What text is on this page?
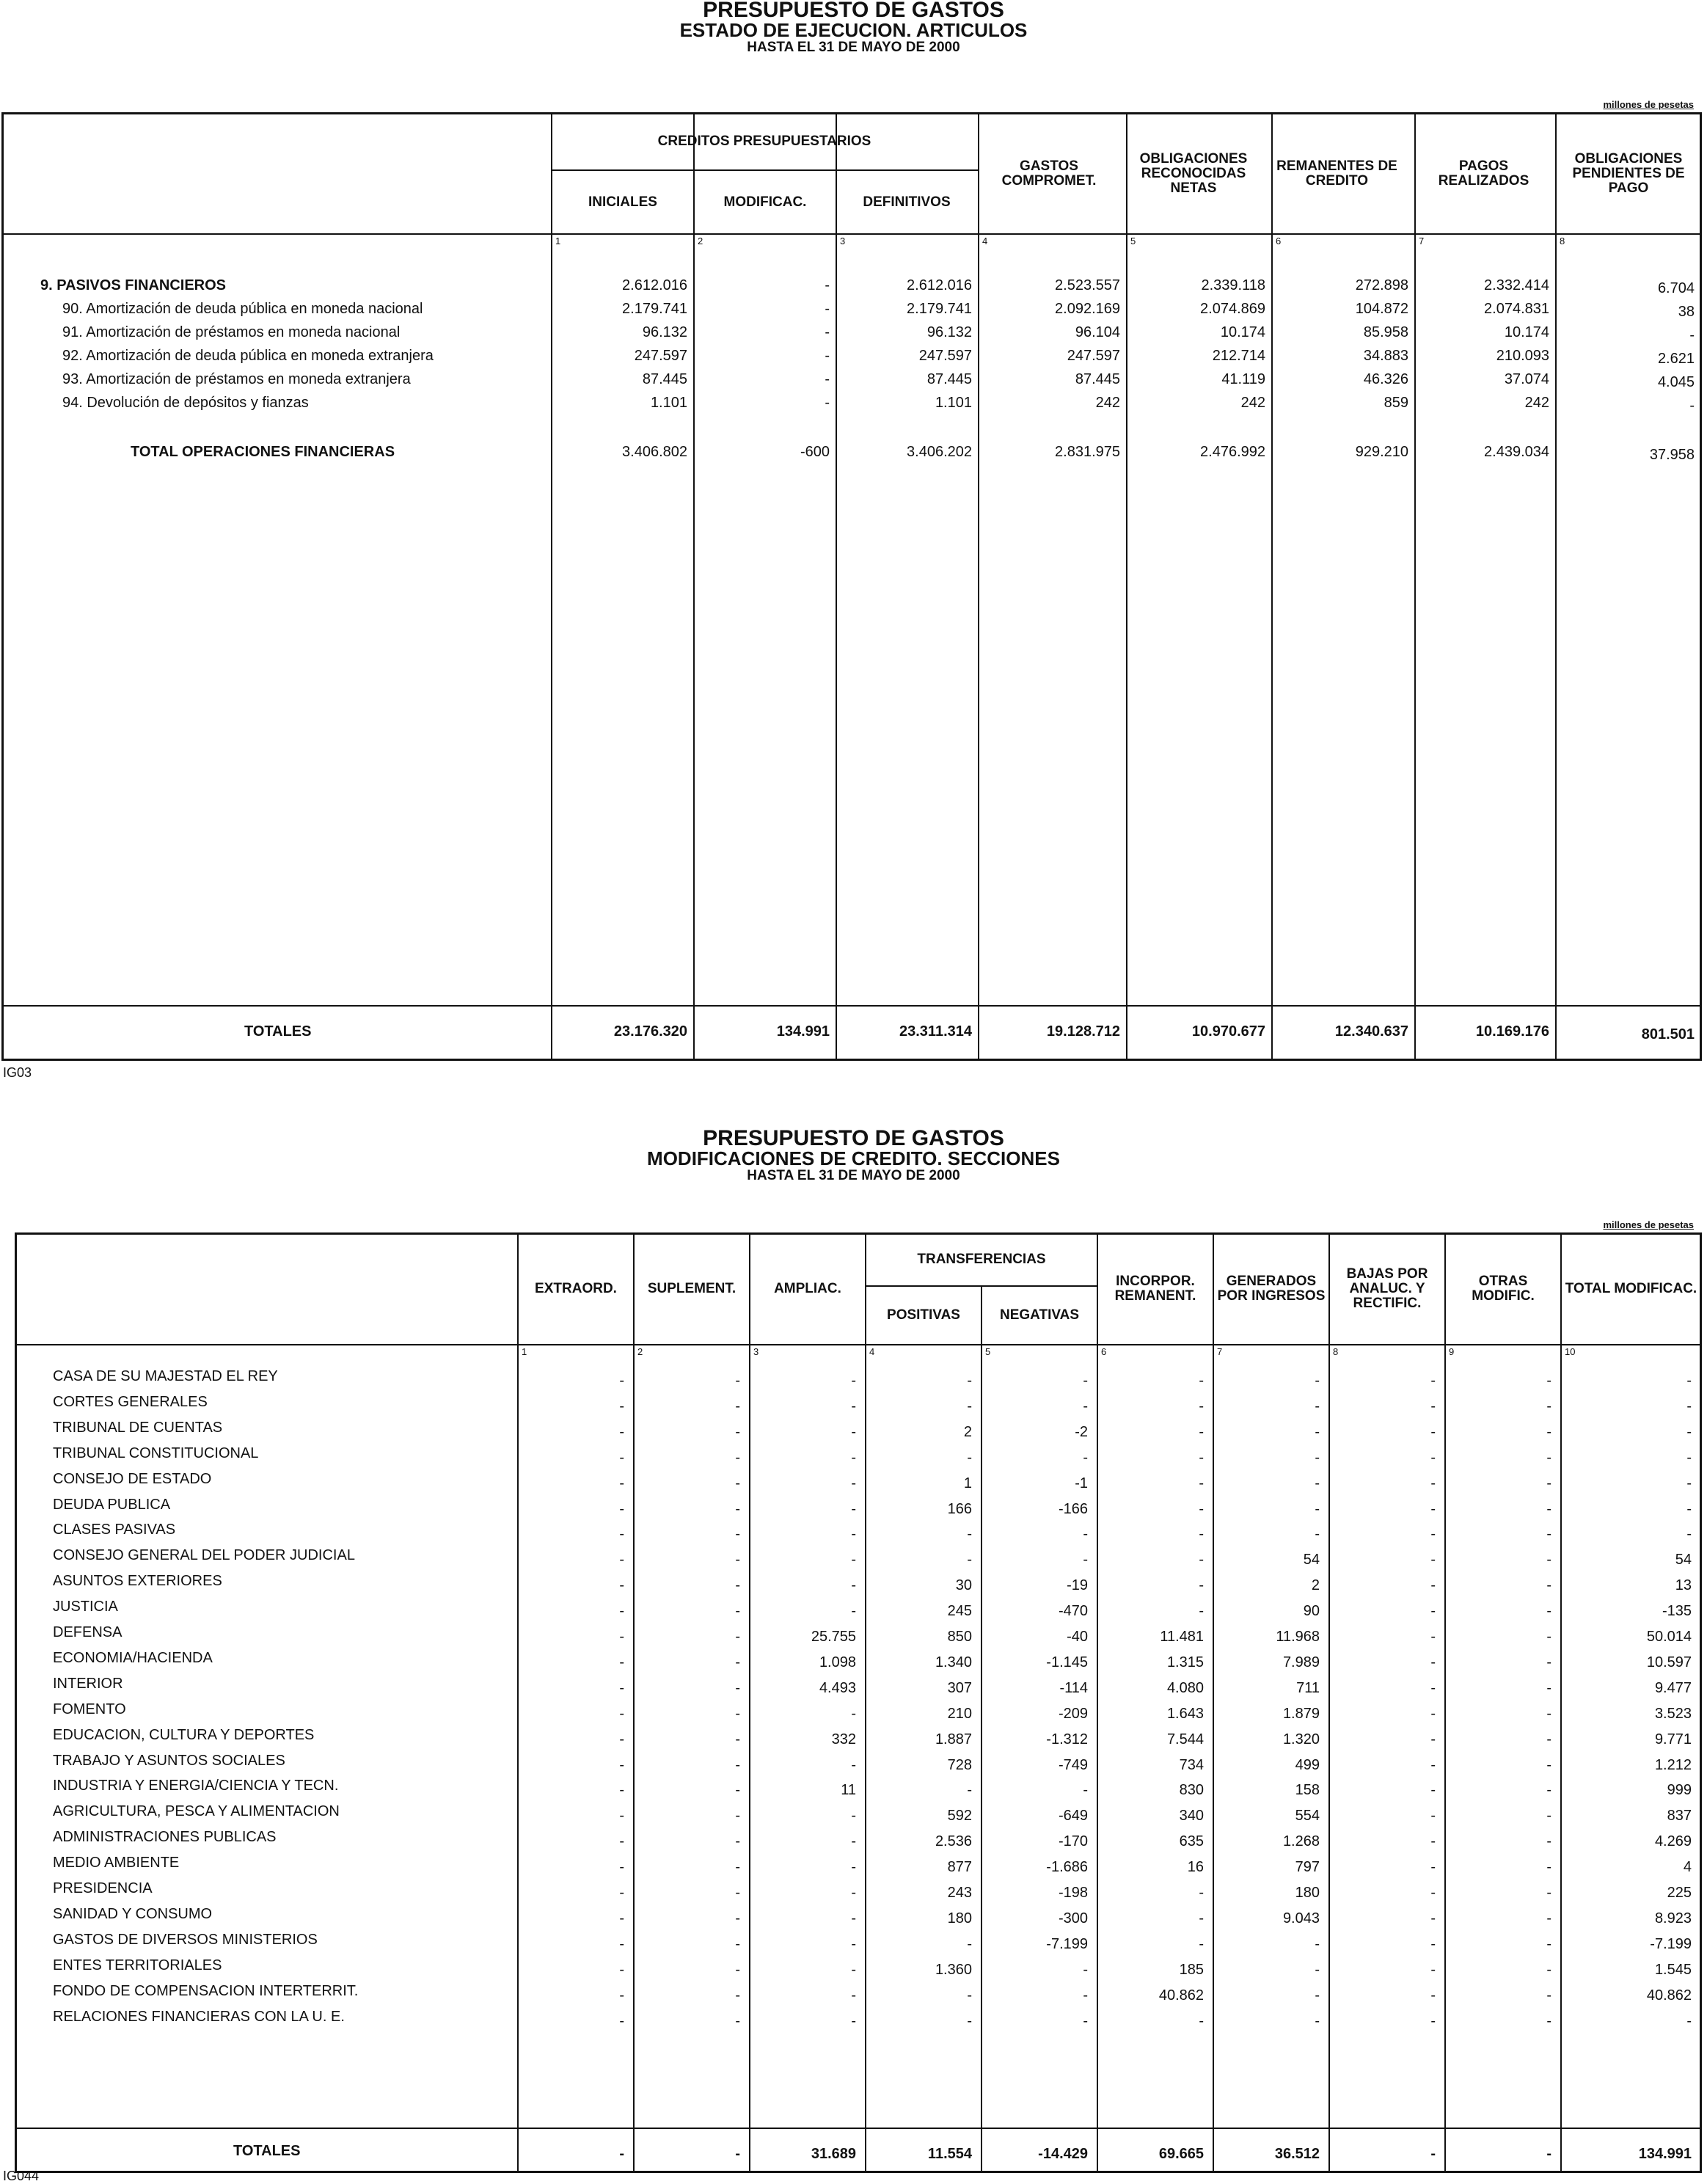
PRESUPUESTO DE GASTOS
ESTADO DE EJECUCION. ARTICULOS
HASTA EL 31 DE MAYO DE 2000
millones de pesetas
CREDITOS PRESUPUESTARIOS
INICIALES	MODIFICAC.	DEFINITIVOS
GASTOS COMPROMET.
OBLIGACIONES RECONOCIDAS NETAS
REMANENTES DE CREDITO
PAGOS REALIZADOS
OBLIGACIONES PENDIENTES DE PAGO
1	2	3	4	5	6	7	8
9. PASIVOS FINANCIEROS	2.612.016	-	2.612.016	2.523.557	2.339.118	272.898	2.332.414	6.704
90. Amortización de deuda pública en moneda nacional	2.179.741	-	2.179.741	2.092.169	2.074.869	104.872	2.074.831	38
91. Amortización de préstamos en moneda nacional	96.132	-	96.132	96.104	10.174	85.958	10.174	-
92. Amortización de deuda pública en moneda extranjera	247.597	-	247.597	247.597	212.714	34.883	210.093	2.621
93. Amortización de préstamos en moneda extranjera	87.445	-	87.445	87.445	41.119	46.326	37.074	4.045
94. Devolución de depósitos y fianzas	1.101	-	1.101	242	242	859	242	-
TOTAL OPERACIONES FINANCIERAS	3.406.802	-600	3.406.202	2.831.975	2.476.992	929.210	2.439.034	37.958
TOTALES	23.176.320	134.991	23.311.314	19.128.712	10.970.677	12.340.637	10.169.176	801.501
IG03
PRESUPUESTO DE GASTOS
MODIFICACIONES DE CREDITO. SECCIONES
HASTA EL 31 DE MAYO DE 2000
millones de pesetas
EXTRAORD.	SUPLEMENT.	AMPLIAC.
TRANSFERENCIAS
POSITIVAS	NEGATIVAS
INCORPOR. REMANENT.
GENERADOS POR INGRESOS
BAJAS POR ANALUC. Y RECTIFIC.
OTRAS MODIFIC.	TOTAL MODIFICAC.
1	2	3	4	5	6	7	8	9	10
CASA DE SU MAJESTAD EL REY	-	-	-	-	-	-	-	-	-	-
CORTES GENERALES	-	-	-	-	-	-	-	-	-	-
TRIBUNAL DE CUENTAS	-	-	-	2	-2	-	-	-	-	-
TRIBUNAL CONSTITUCIONAL	-	-	-	-	-	-	-	-	-	-
CONSEJO DE ESTADO	-	-	-	1	-1	-	-	-	-	-
DEUDA PUBLICA	-	-	-	166	-166	-	-	-	-	-
CLASES PASIVAS	-	-	-	-	-	-	-	-	-	-
CONSEJO GENERAL DEL PODER JUDICIAL	-	-	-	-	-	-	54	-	-	54
ASUNTOS EXTERIORES	-	-	-	30	-19	-	2	-	-	13
JUSTICIA	-	-	-	245	-470	-	90	-	-	-135
DEFENSA	-	-	25.755	850	-40	11.481	11.968	-	-	50.014
ECONOMIA/HACIENDA	-	-	1.098	1.340	-1.145	1.315	7.989	-	-	10.597
INTERIOR	-	-	4.493	307	-114	4.080	711	-	-	9.477
FOMENTO	-	-	-	210	-209	1.643	1.879	-	-	3.523
EDUCACION, CULTURA Y DEPORTES	-	-	332	1.887	-1.312	7.544	1.320	-	-	9.771
TRABAJO Y ASUNTOS SOCIALES	-	-	-	728	-749	734	499	-	-	1.212
INDUSTRIA Y ENERGIA/CIENCIA Y TECN.	-	-	11	-	-	830	158	-	-	999
AGRICULTURA, PESCA Y ALIMENTACION	-	-	-	592	-649	340	554	-	-	837
ADMINISTRACIONES PUBLICAS	-	-	-	2.536	-170	635	1.268	-	-	4.269
MEDIO AMBIENTE	-	-	-	877	-1.686	16	797	-	-	4
PRESIDENCIA	-	-	-	243	-198	-	180	-	-	225
SANIDAD Y CONSUMO	-	-	-	180	-300	-	9.043	-	-	8.923
GASTOS DE DIVERSOS MINISTERIOS	-	-	-	-	-7.199	-	-	-	-	-7.199
ENTES TERRITORIALES	-	-	-	1.360	-	185	-	-	-	1.545
FONDO DE COMPENSACION INTERTERRIT.	-	-	-	-	-	40.862	-	-	-	40.862
RELACIONES FINANCIERAS CON LA U. E.	-	-	-	-	-	-	-	-	-	-
TOTALES	-	-	31.689	11.554	-14.429	69.665	36.512	-	-	134.991
IG044
